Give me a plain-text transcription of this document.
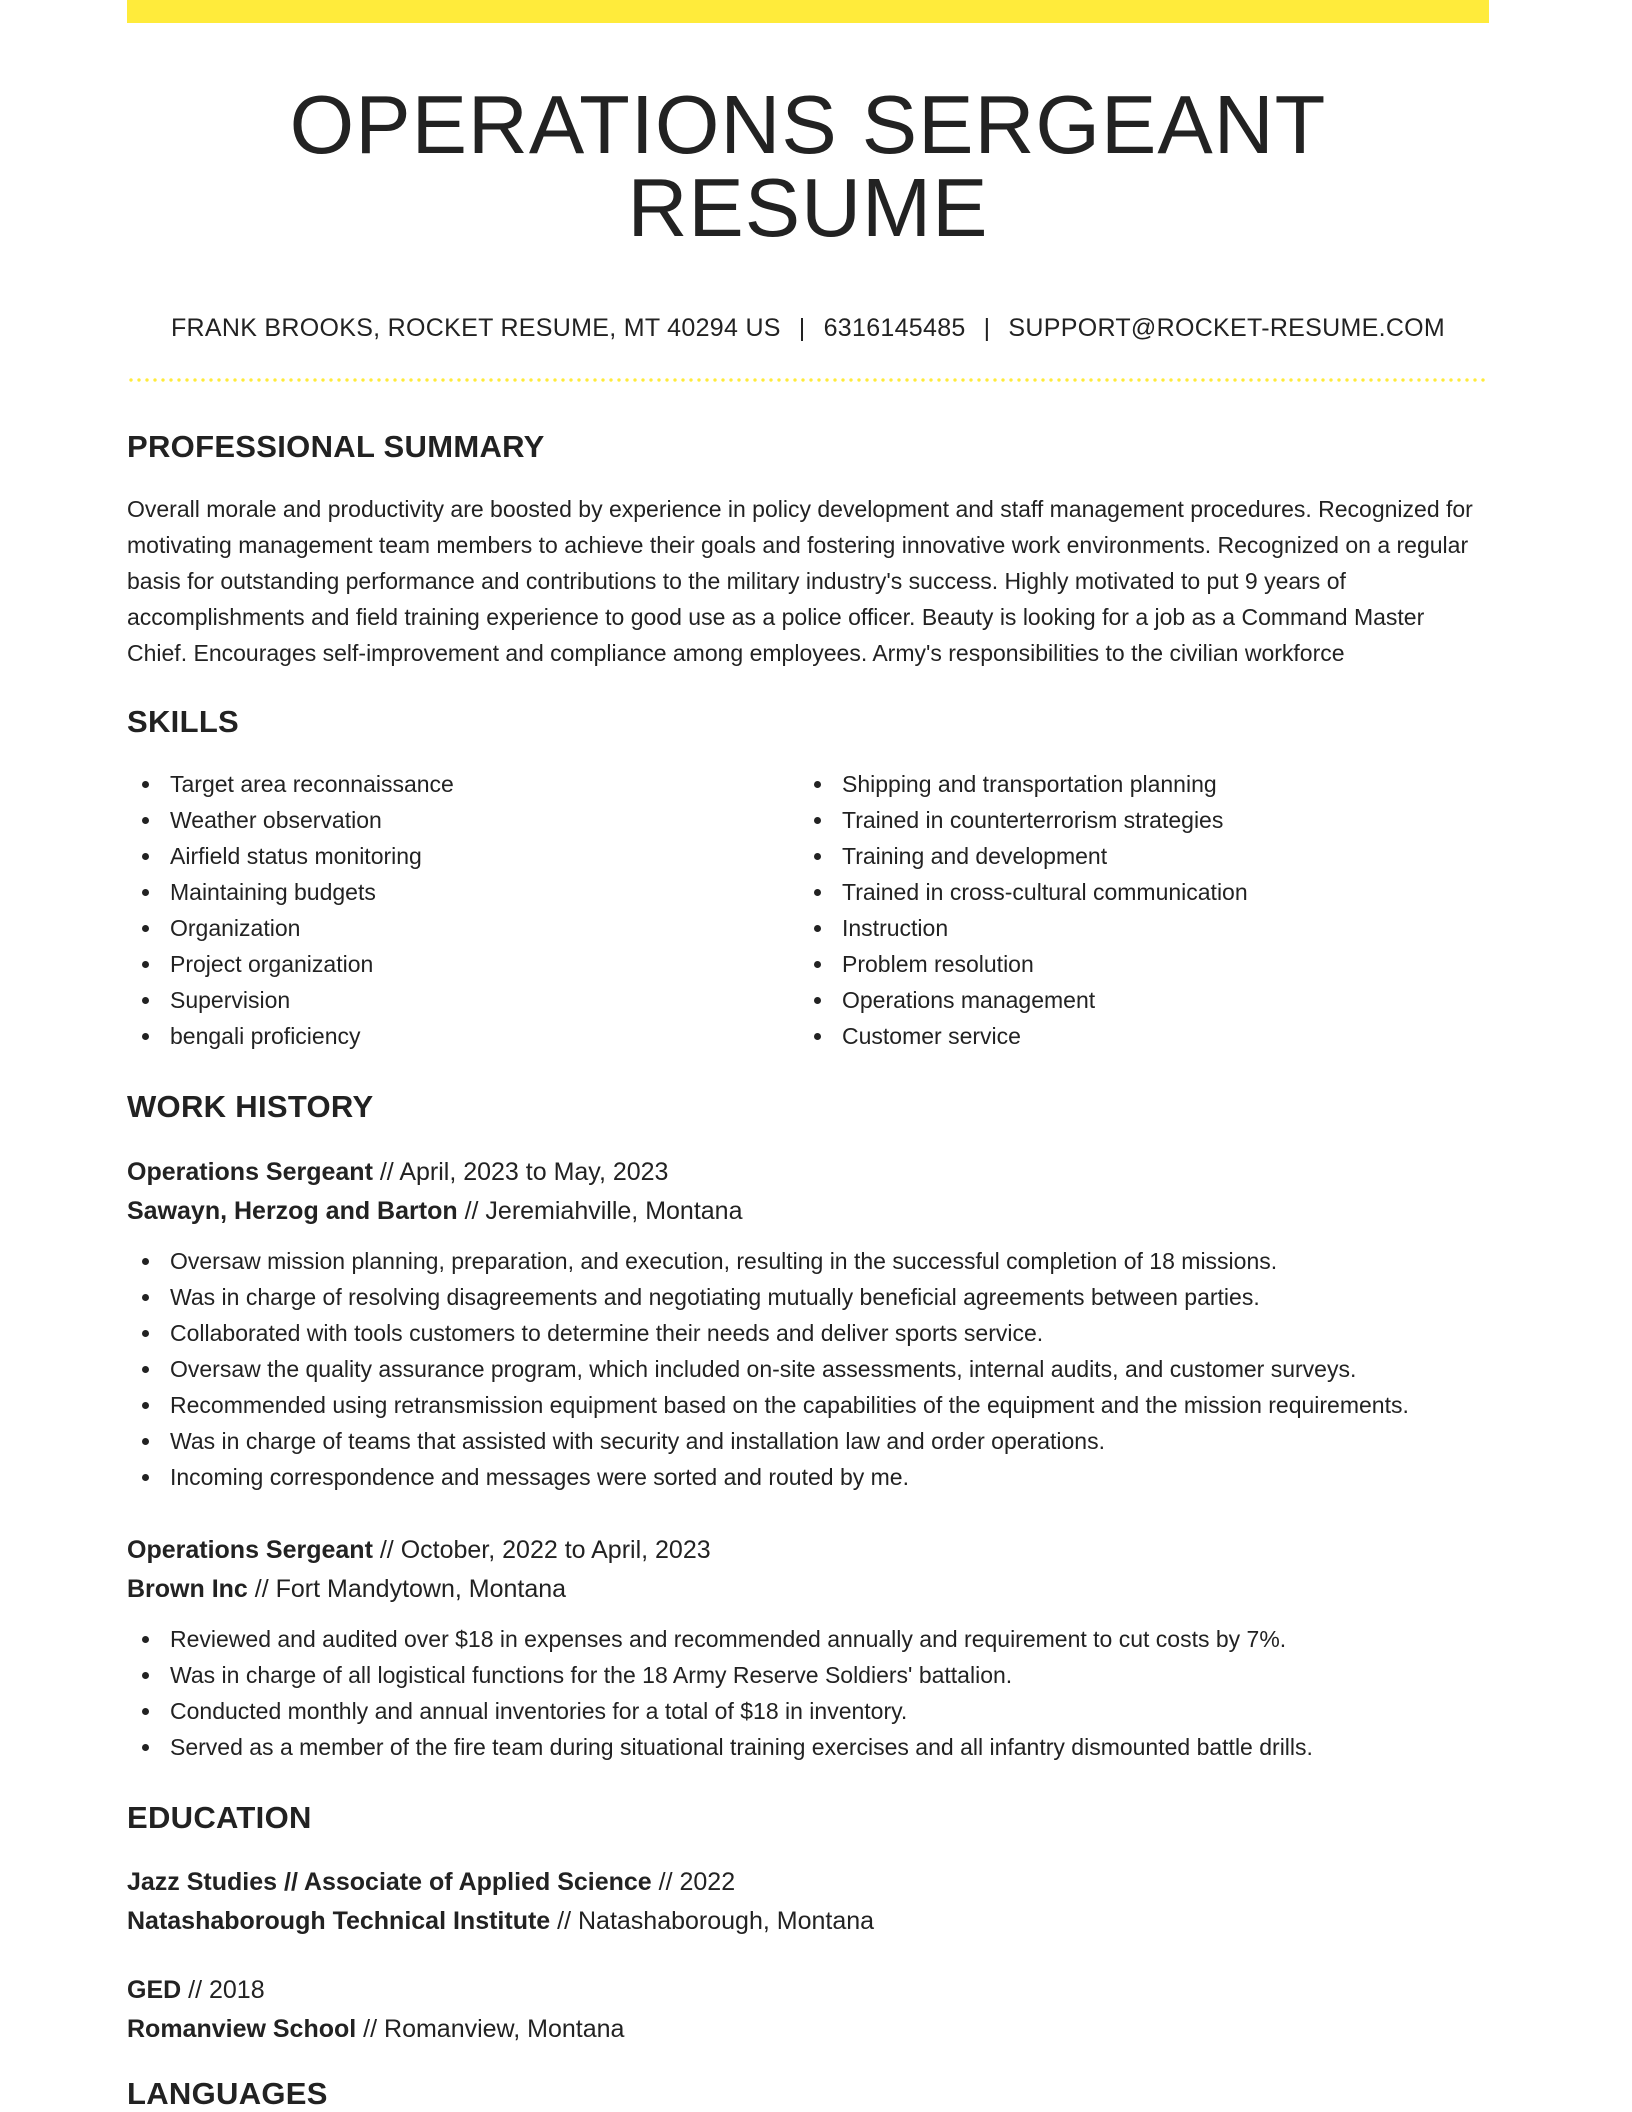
OPERATIONS SERGEANT RESUME
FRANK BROOKS, ROCKET RESUME, MT 40294 US | 6316145485 | SUPPORT@ROCKET-RESUME.COM
PROFESSIONAL SUMMARY

Overall morale and productivity are boosted by experience in policy development and staff management procedures. Recognized for motivating management team members to achieve their goals and fostering innovative work environments. Recognized on a regular basis for outstanding performance and contributions to the military industry's success. Highly motivated to put 9 years of accomplishments and field training experience to good use as a police officer. Beauty is looking for a job as a Command Master Chief. Encourages self-improvement and compliance among employees. Army's responsibilities to the civilian workforce

SKILLS
Target area reconnaissance
Weather observation
Airfield status monitoring
Maintaining budgets
Organization
Project organization
Supervision
bengali proficiency
Shipping and transportation planning
Trained in counterterrorism strategies
Training and development
Trained in cross-cultural communication
Instruction
Problem resolution
Operations management
Customer service
WORK HISTORY
Operations Sergeant // April, 2023 to May, 2023
Sawayn, Herzog and Barton // Jeremiahville, Montana
Oversaw mission planning, preparation, and execution, resulting in the successful completion of 18 missions.
Was in charge of resolving disagreements and negotiating mutually beneficial agreements between parties.
Collaborated with tools customers to determine their needs and deliver sports service.
Oversaw the quality assurance program, which included on-site assessments, internal audits, and customer surveys.
Recommended using retransmission equipment based on the capabilities of the equipment and the mission requirements.
Was in charge of teams that assisted with security and installation law and order operations.
Incoming correspondence and messages were sorted and routed by me.
Operations Sergeant // October, 2022 to April, 2023
Brown Inc // Fort Mandytown, Montana
Reviewed and audited over $18 in expenses and recommended annually and requirement to cut costs by 7%.
Was in charge of all logistical functions for the 18 Army Reserve Soldiers' battalion.
Conducted monthly and annual inventories for a total of $18 in inventory.
Served as a member of the fire team during situational training exercises and all infantry dismounted battle drills.
EDUCATION
Jazz Studies // Associate of Applied Science // 2022
Natashaborough Technical Institute // Natashaborough, Montana
GED // 2018
Romanview School // Romanview, Montana
LANGUAGES
